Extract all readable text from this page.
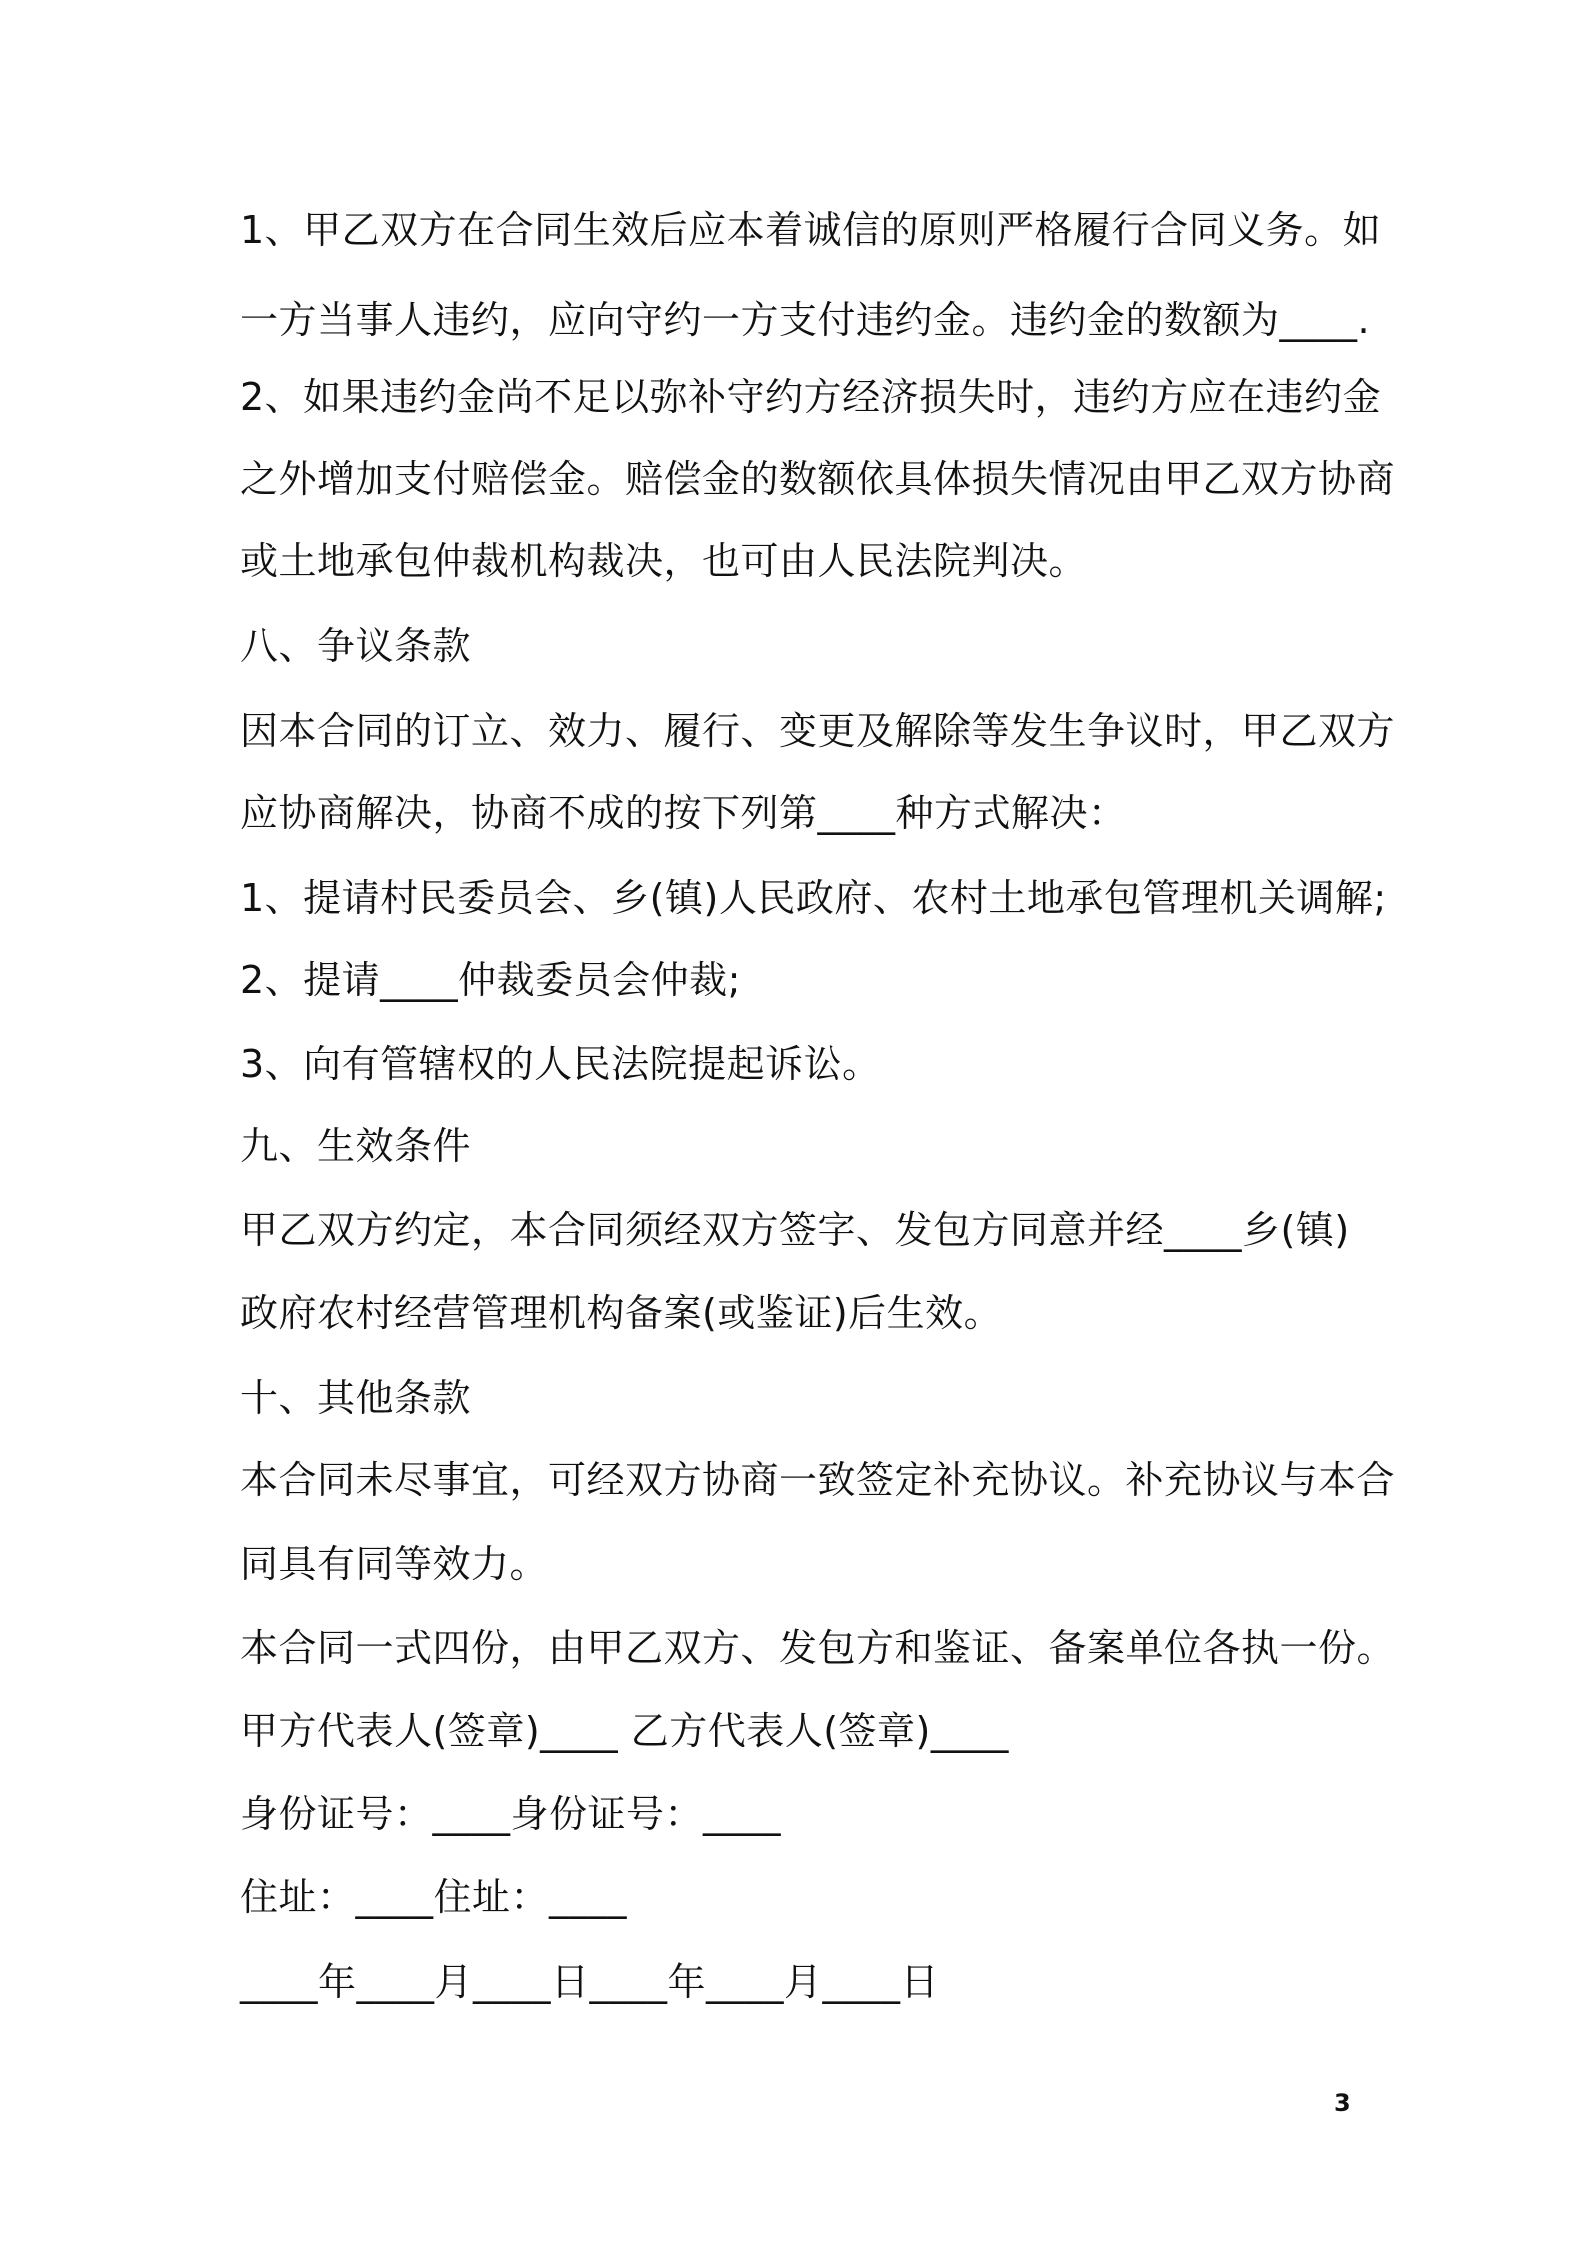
1、甲乙双方在合同生效后应本着诚信的原则严格履行合同义务。如
一方当事人违约，应向守约一方支付违约金。违约金的数额为____.
2、如果违约金尚不足以弥补守约方经济损失时，违约方应在违约金
之外增加支付赔偿金。赔偿金的数额依具体损失情况由甲乙双方协商
或土地承包仲裁机构裁决，也可由人民法院判决。
八、争议条款
因本合同的订立、效力、履行、变更及解除等发生争议时，甲乙双方
应协商解决，协商不成的按下列第____种方式解决：
1、提请村民委员会、乡(镇)人民政府、农村土地承包管理机关调解;
2、提请____仲裁委员会仲裁;
3、向有管辖权的人民法院提起诉讼。
九、生效条件
甲乙双方约定，本合同须经双方签字、发包方同意并经____乡(镇)
政府农村经营管理机构备案(或鉴证)后生效。
十、其他条款
本合同未尽事宜，可经双方协商一致签定补充协议。补充协议与本合
同具有同等效力。
本合同一式四份，由甲乙双方、发包方和鉴证、备案单位各执一份。
甲方代表人(签章)____ 乙方代表人(签章)____
身份证号：____身份证号：____
住址：____住址：____
____年____月____日____年____月____日
3
